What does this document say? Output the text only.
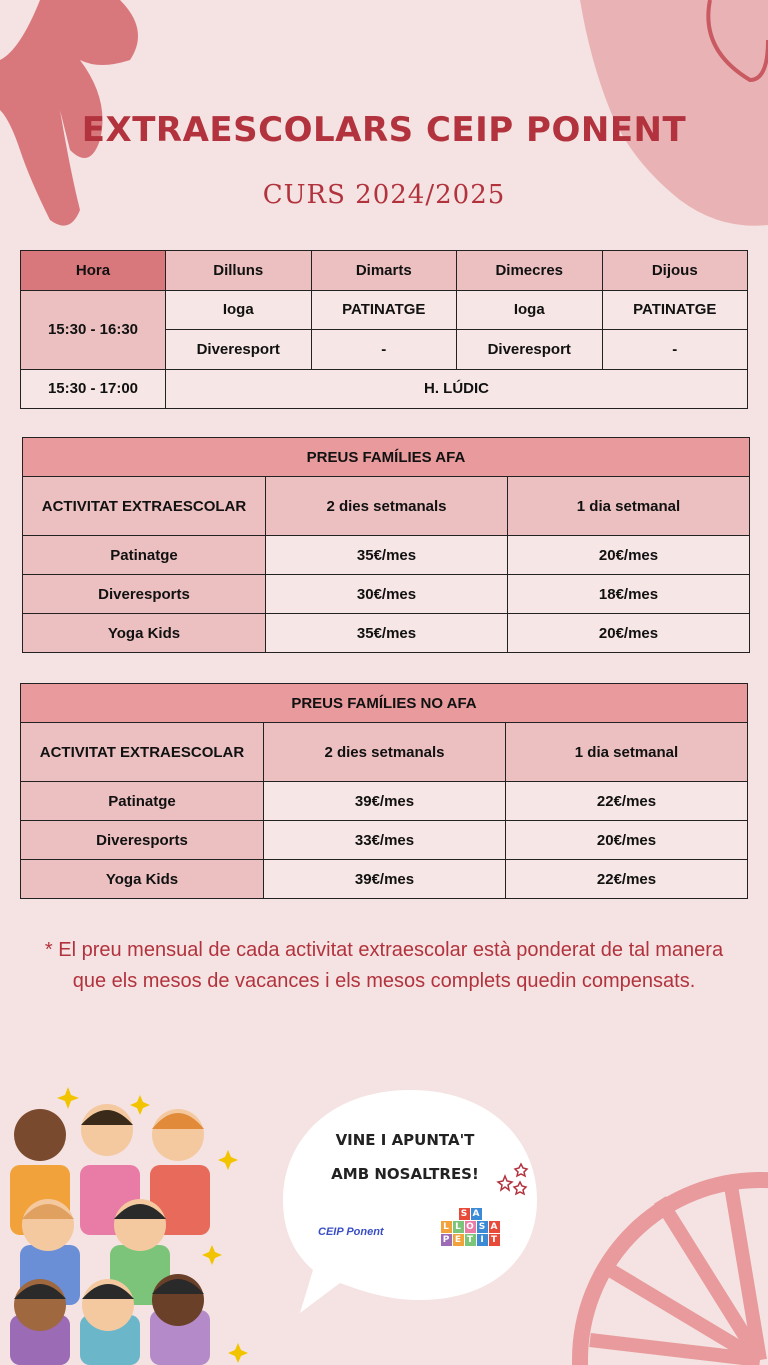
EXTRAESCOLARS CEIP PONENT
CURS 2024/2025
Hora	Dilluns	Dimarts	Dimecres	Dijous
15:30 - 16:30	Ioga	PATINATGE	Ioga	PATINATGE
	Diveresport	-	Diveresport	-
15:30 - 17:00	H. LÚDIC			
PREUS FAMÍLIES AFA		
ACTIVITAT EXTRAESCOLAR	2 dies setmanals	1 dia setmanal
Patinatge	35€/mes	20€/mes
Diveresports	30€/mes	18€/mes
Yoga Kids	35€/mes	20€/mes
PREUS FAMÍLIES NO AFA		
ACTIVITAT EXTRAESCOLAR	2 dies setmanals	1 dia setmanal
Patinatge	39€/mes	22€/mes
Diveresports	33€/mes	20€/mes
Yoga Kids	39€/mes	22€/mes
* El preu mensual de cada activitat extraescolar està ponderat de tal manera
que els mesos de vacances i els mesos complets quedin compensats.
VINE I APUNTA'T
AMB NOSALTRES!
CEIP Ponent
S A
L L O S A
P E T I T
